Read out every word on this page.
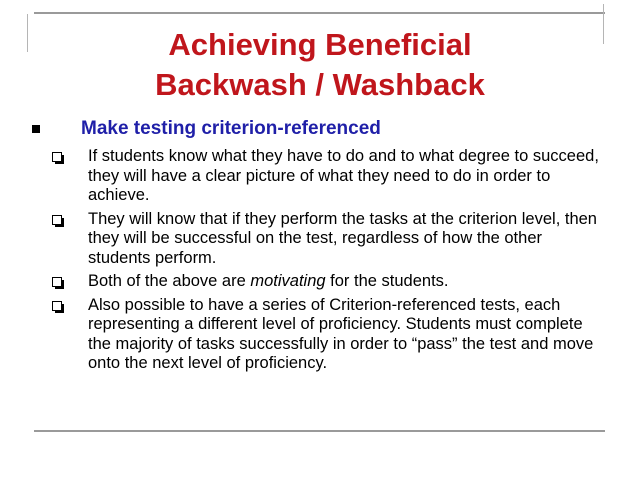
Achieving Beneficial
Backwash / Washback
Make testing criterion-referenced
If students know what they have to do and to what degree to succeed, they will have a clear picture of what they need to do in order to achieve.
They will know that if they perform the tasks at the criterion level, then they will be successful on the test, regardless of how the other students perform.
Both of the above are motivating for the students.
Also possible to have a series of Criterion-referenced tests, each representing a different level of proficiency. Students must complete the majority of tasks successfully in order to “pass” the test and move onto the next level of proficiency.
